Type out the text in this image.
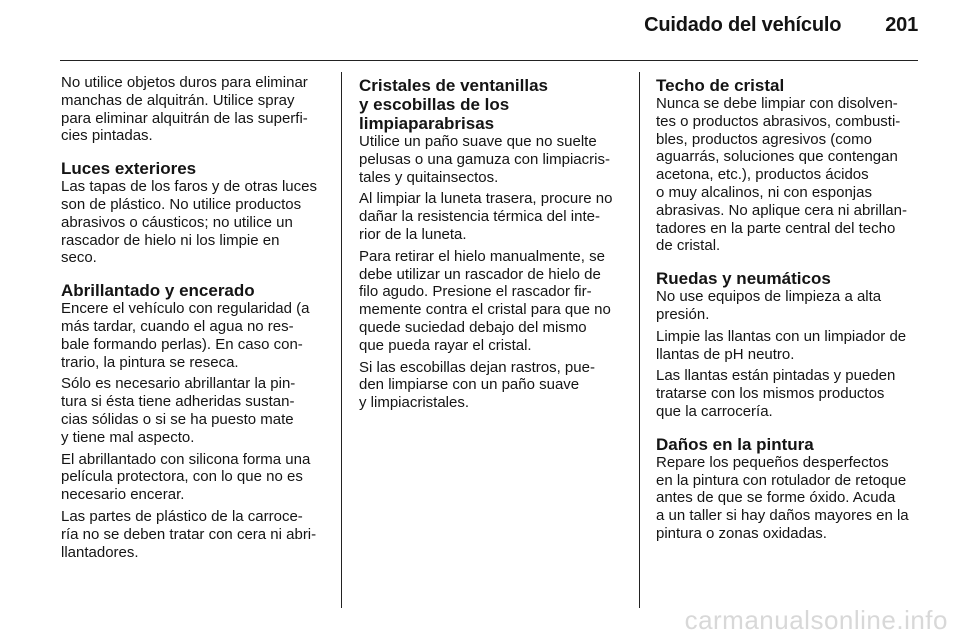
Cuidado del vehículo 201

No utilice objetos duros para eliminar
manchas de alquitrán. Utilice spray
para eliminar alquitrán de las superfi‐
cies pintadas.

Luces exteriores

Las tapas de los faros y de otras luces
son de plástico. No utilice productos
abrasivos o cáusticos; no utilice un
rascador de hielo ni los limpie en
seco.

Abrillantado y encerado

Encere el vehículo con regularidad (a
más tardar, cuando el agua no res‐
bale formando perlas). En caso con‐
trario, la pintura se reseca.

Sólo es necesario abrillantar la pin‐
tura si ésta tiene adheridas sustan‐
cias sólidas o si se ha puesto mate
y tiene mal aspecto.

El abrillantado con silicona forma una
película protectora, con lo que no es
necesario encerar.

Las partes de plástico de la carroce‐
ría no se deben tratar con cera ni abri‐
llantadores.

Cristales de ventanillas
y escobillas de los
limpiaparabrisas

Utilice un paño suave que no suelte
pelusas o una gamuza con limpiacris‐
tales y quitainsectos.

Al limpiar la luneta trasera, procure no
dañar la resistencia térmica del inte‐
rior de la luneta.

Para retirar el hielo manualmente, se
debe utilizar un rascador de hielo de
filo agudo. Presione el rascador fir‐
memente contra el cristal para que no
quede suciedad debajo del mismo
que pueda rayar el cristal.

Si las escobillas dejan rastros, pue‐
den limpiarse con un paño suave
y limpiacristales.

Techo de cristal

Nunca se debe limpiar con disolven‐
tes o productos abrasivos, combusti‐
bles, productos agresivos (como
aguarrás, soluciones que contengan
acetona, etc.), productos ácidos
o muy alcalinos, ni con esponjas
abrasivas. No aplique cera ni abrillan‐
tadores en la parte central del techo
de cristal.

Ruedas y neumáticos

No use equipos de limpieza a alta
presión.

Limpie las llantas con un limpiador de
llantas de pH neutro.

Las llantas están pintadas y pueden
tratarse con los mismos productos
que la carrocería.

Daños en la pintura

Repare los pequeños desperfectos
en la pintura con rotulador de retoque
antes de que se forme óxido. Acuda
a un taller si hay daños mayores en la
pintura o zonas oxidadas.

carmanualsonline.info
